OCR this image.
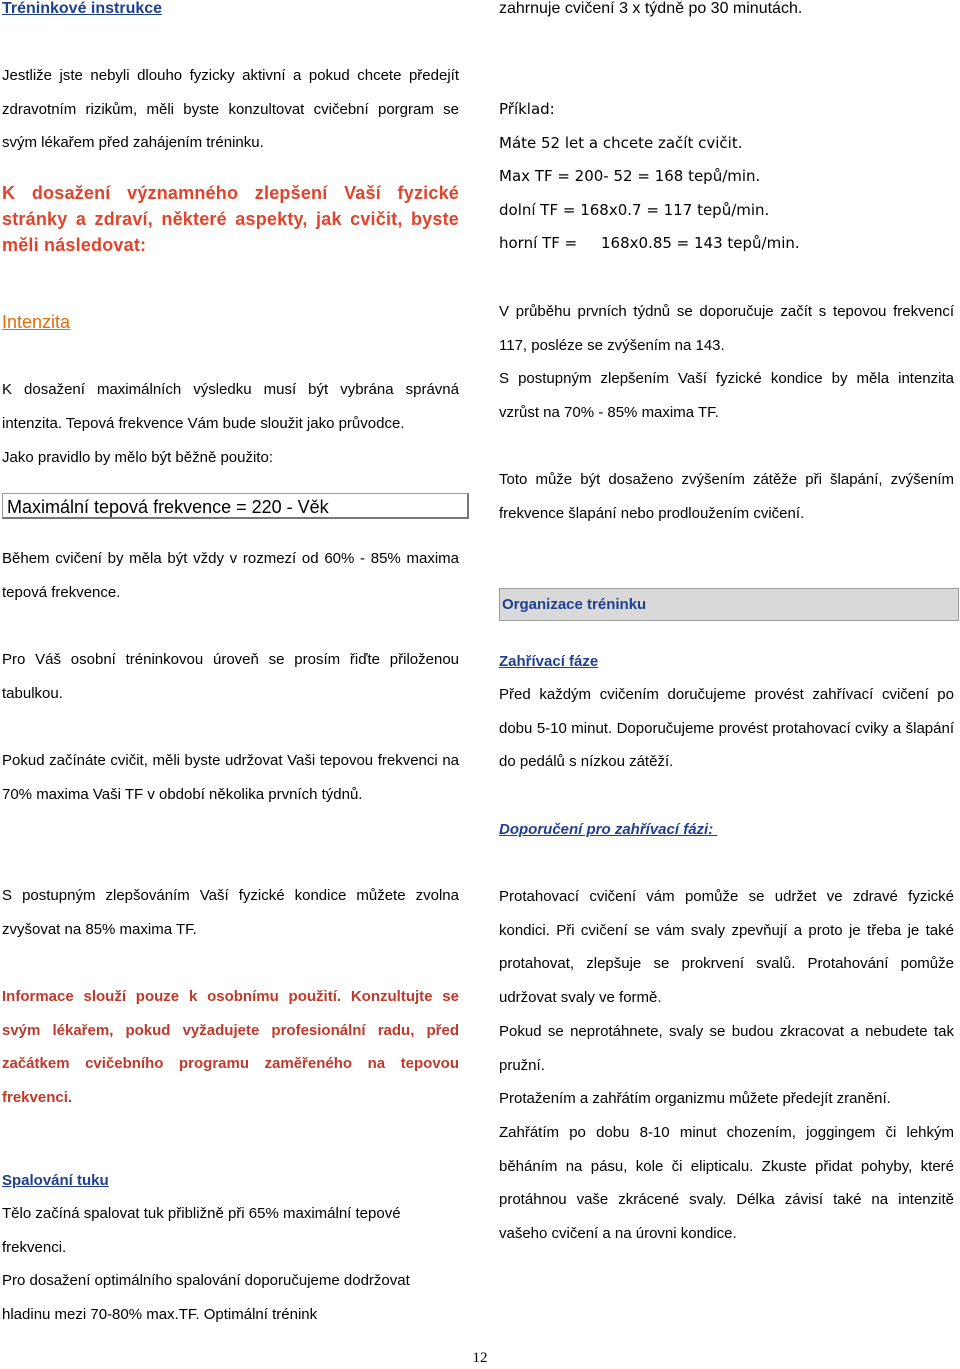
Tréninkové instrukce

Jestliže jste nebyli dlouho fyzicky aktivní a pokud chcete předejít zdravotním rizikům, měli byste konzultovat cvičební porgram se svým lékařem před zahájením tréninku.

K dosažení významného zlepšení Vaší fyzické stránky a zdraví, některé aspekty, jak cvičit, byste měli následovat:

Intenzita

K dosažení maximálních výsledku musí být vybrána správná intenzita. Tepová frekvence Vám bude sloužit jako průvodce.

Jako pravidlo by mělo být běžně použito:

Maximální tepová frekvence = 220 - Věk

Během cvičení by měla být vždy v rozmezí od 60% - 85% maxima tepová frekvence.

Pro Váš osobní tréninkovou úroveň se prosím řiďte přiloženou tabulkou.

Pokud začínáte cvičit, měli byste udržovat Vaši tepovou frekvenci na 70% maxima Vaši TF v období několika prvních týdnů.

S postupným zlepšováním Vaší fyzické kondice můžete zvolna zvyšovat na 85% maxima TF.

Informace slouží pouze k osobnímu použití. Konzultujte se svým lékařem, pokud vyžadujete profesionální radu, před začátkem cvičebního programu zaměřeného na tepovou frekvenci.

Spalování tuku

Tělo začíná spalovat tuk přibližně při 65% maximální tepové frekvenci.

Pro dosažení optimálního spalování doporučujeme dodržovat hladinu mezi 70-80% max.TF. Optimální trénink

zahrnuje cvičení 3 x týdně po 30 minutách.
Příklad:
Máte 52 let a chcete začít cvičit.
Max TF = 200- 52 = 168 tepů/min.
dolní TF = 168x0.7 = 117 tepů/min.
horní TF =     168x0.85 = 143 tepů/min.

V průběhu prvních týdnů se doporučuje začít s tepovou frekvencí 117, posléze se zvýšením na 143.

S postupným zlepšením Vaší fyzické kondice by měla intenzita vzrůst na 70% - 85% maxima TF.

Toto může být dosaženo zvýšením zátěže při šlapání, zvýšením frekvence šlapání nebo prodloužením cvičení.

Organizace tréninku
Zahřívací fáze

Před každým cvičením doručujeme provést zahřívací cvičení po dobu 5-10 minut. Doporučujeme provést protahovací cviky a šlapání do pedálů s nízkou zátěží.

Doporučení pro zahřívací fázi:

Protahovací cvičení vám pomůže se udržet ve zdravé fyzické kondici. Při cvičení se vám svaly zpevňují a proto je třeba je také protahovat, zlepšuje se prokrvení svalů. Protahování pomůže udržovat svaly ve formě.

Pokud se neprotáhnete, svaly se budou zkracovat a nebudete tak pružní.

Protažením a zahřátím organizmu můžete předejít zranění.

Zahřátím po dobu 8-10 minut chozením, joggingem či lehkým běháním na pásu, kole či elipticalu. Zkuste přidat pohyby, které protáhnou vaše zkrácené svaly. Délka závisí také na intenzitě vašeho cvičení a na úrovni kondice.

12
